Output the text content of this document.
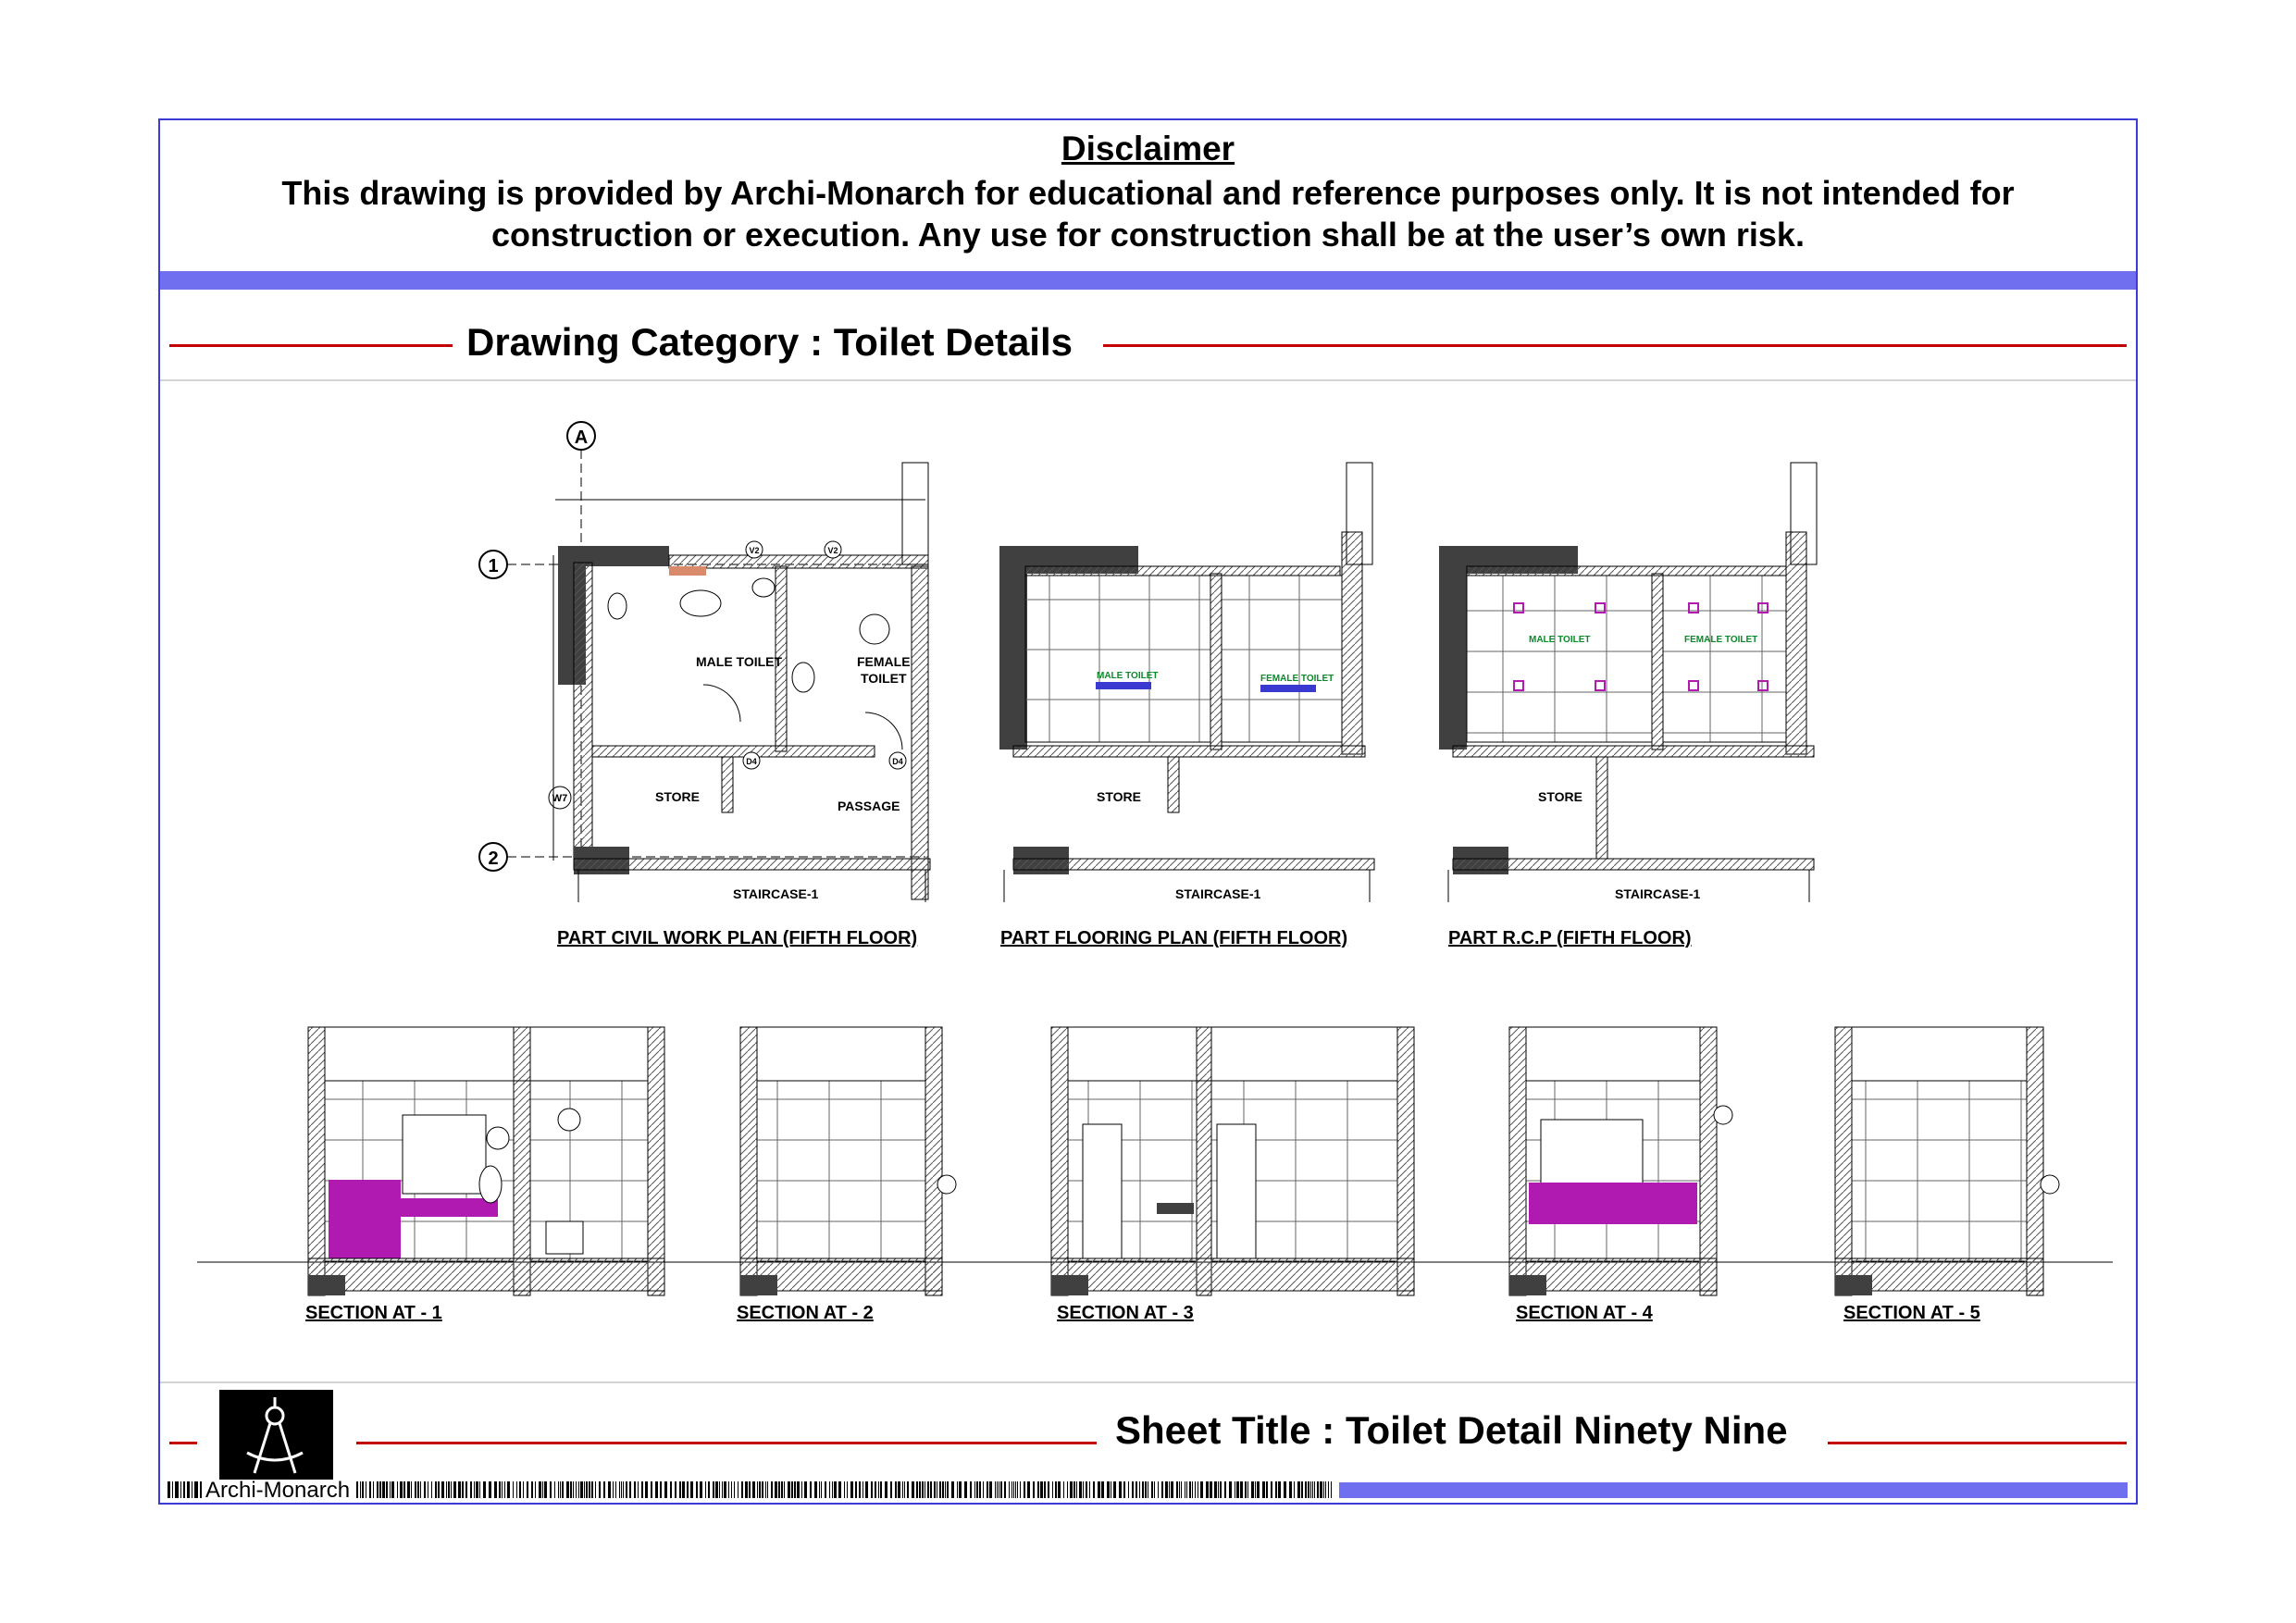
Disclaimer
This drawing is provided by Archi-Monarch for educational and reference purposes only. It is not intended for construction or execution. Any use for construction shall be at the user’s own risk.
Drawing Category : Toilet Details
A
1
2
MALE TOILET	FEMALE
TOILET
STORE
PASSAGE
STAIRCASE-1
W7
D4	D4
V2	V2
PART CIVIL WORK PLAN (FIFTH FLOOR)
MALE TOILET	FEMALE TOILET
STORE
STAIRCASE-1
PART FLOORING PLAN (FIFTH FLOOR)
MALE TOILET	FEMALE TOILET
STORE
STAIRCASE-1
PART R.C.P (FIFTH FLOOR)
SECTION AT - 1	SECTION AT - 2	SECTION AT - 3	SECTION AT - 4	SECTION AT - 5
Sheet Title : Toilet Detail Ninety Nine
Archi-Monarch
